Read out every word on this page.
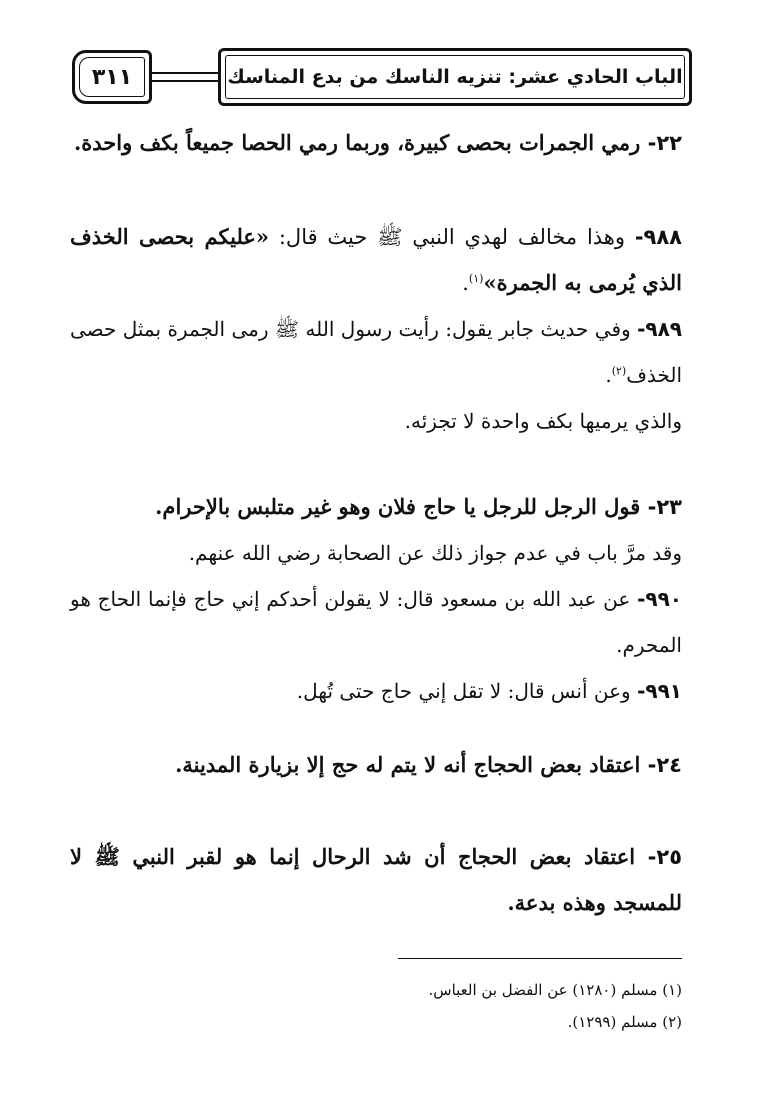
٣١١	الباب الحادي عشر: تنزيه الناسك من بدع المناسك
٢٢- رمي الجمرات بحصى كبيرة، وربما رمي الحصا جميعاً بكف واحدة.
٩٨٨- وهذا مخالف لهدي النبي ﷺ حيث قال: «عليكم بحصى الخذف الذي يُرمى به الجمرة»$^{(١)}$.
٩٨٩- وفي حديث جابر يقول: رأيت رسول الله ﷺ رمى الجمرة بمثل حصى الخذف$^{(٢)}$.
والذي يرميها بكف واحدة لا تجزئه.
٢٣- قول الرجل للرجل يا حاج فلان وهو غير متلبس بالإحرام.
وقد مرَّ باب في عدم جواز ذلك عن الصحابة رضي الله عنهم.
٩٩٠- عن عبد الله بن مسعود قال: لا يقولن أحدكم إني حاج فإنما الحاج هو المحرم.
٩٩١- وعن أنس قال: لا تقل إني حاج حتى تُهل.
٢٤- اعتقاد بعض الحجاج أنه لا يتم له حج إلا بزيارة المدينة.
٢٥- اعتقاد بعض الحجاج أن شد الرحال إنما هو لقبر النبي ﷺ لا للمسجد وهذه بدعة.
(١) مسلم (١٢٨٠) عن الفضل بن العباس.
(٢) مسلم (١٢٩٩).
